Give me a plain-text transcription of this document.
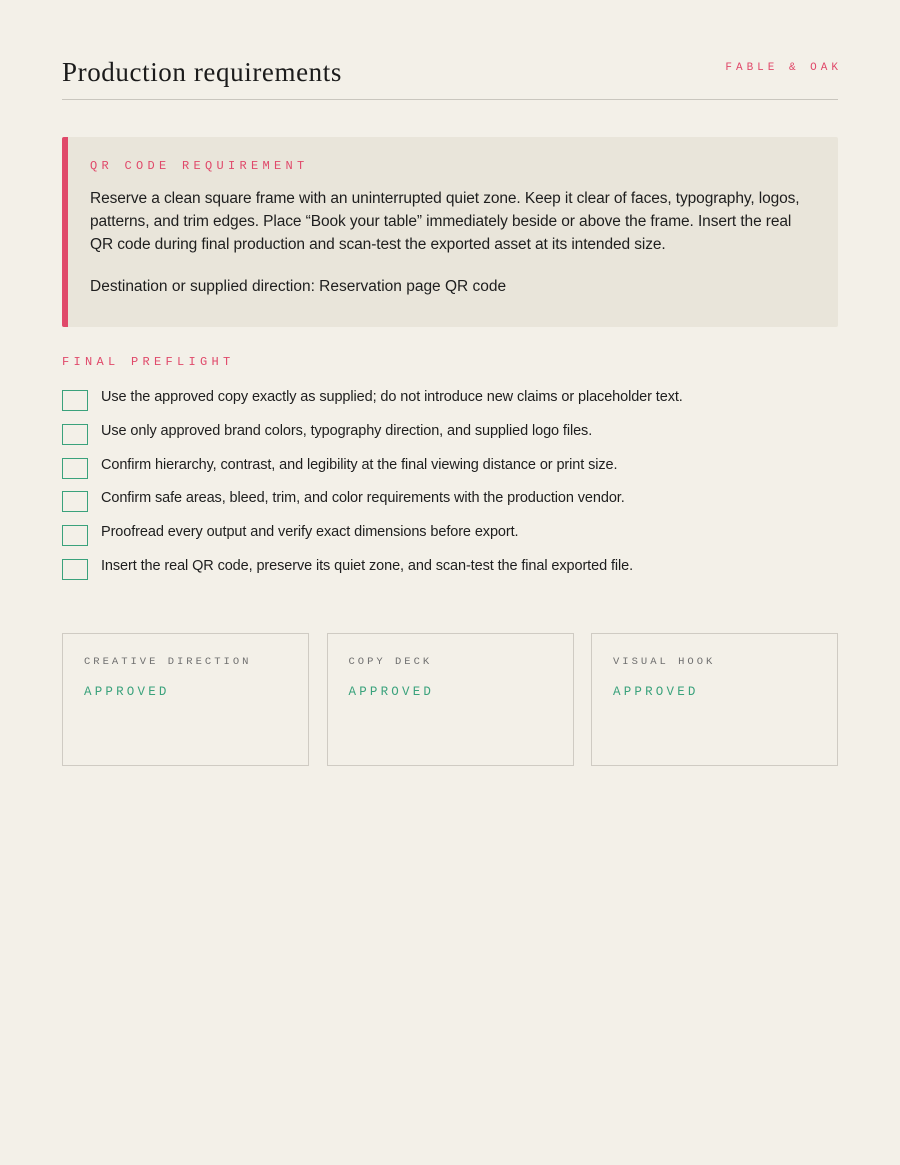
Production requirements	FABLE & OAK
QR CODE REQUIREMENT

Reserve a clean square frame with an uninterrupted quiet zone. Keep it clear of faces, typography, logos, patterns, and trim edges. Place “Book your table” immediately beside or above the frame. Insert the real QR code during final production and scan-test the exported asset at its intended size.

Destination or supplied direction: Reservation page QR code

FINAL PREFLIGHT
Use the approved copy exactly as supplied; do not introduce new claims or placeholder text.
Use only approved brand colors, typography direction, and supplied logo files.
Confirm hierarchy, contrast, and legibility at the final viewing distance or print size.
Confirm safe areas, bleed, trim, and color requirements with the production vendor.
Proofread every output and verify exact dimensions before export.
Insert the real QR code, preserve its quiet zone, and scan-test the final exported file.
CREATIVE DIRECTION
APPROVED
COPY DECK
APPROVED
VISUAL HOOK
APPROVED
